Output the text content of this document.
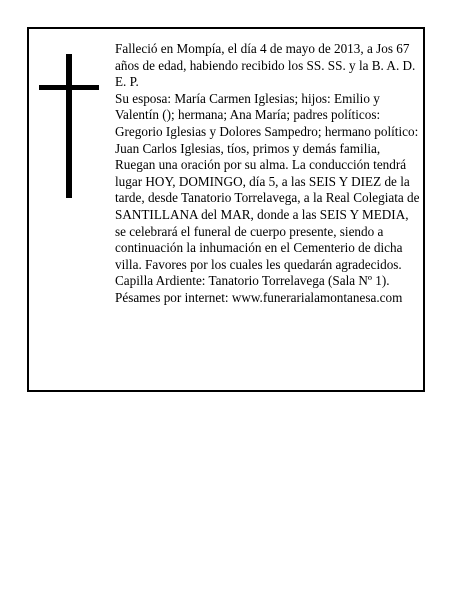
Falleció en Mompía, el día 4 de mayo de 2013, a Jos 67 años de edad, habiendo recibido los SS. SS. y la B. A. D. E. P.

Su esposa: María Carmen Iglesias; hijos: Emilio y Valentín (); hermana; Ana María; padres políticos: Gregorio Iglesias y Dolores Sampedro; hermano político: Juan Carlos Iglesias, tíos, primos y demás familia,

Ruegan una oración por su alma. La conducción tendrá lugar HOY, DOMINGO, día 5, a las SEIS Y DIEZ de la tarde, desde Tanatorio Torrelavega, a la Real Colegiata de SANTILLANA del MAR, donde a las SEIS Y MEDIA, se celebrará el funeral de cuerpo presente, siendo a continuación la inhumación en el Cementerio de dicha villa. Favores por los cuales les quedarán agradecidos. Capilla Ardiente: Tanatorio Torrelavega (Sala Nº 1).

Pésames por internet: www.funerarialamontanesa.com
